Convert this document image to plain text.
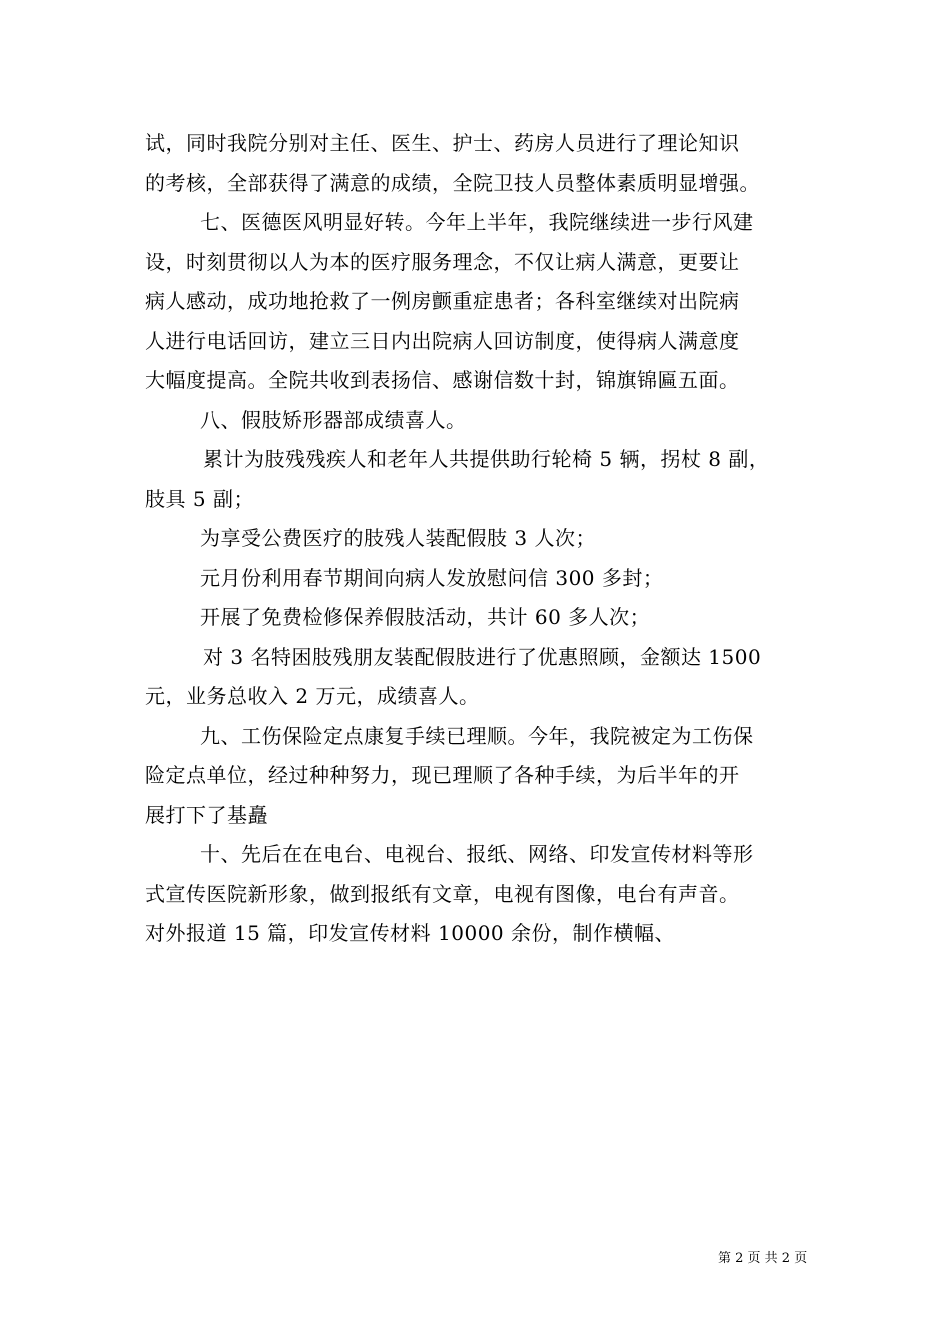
试，同时我院分别对主任、医生、护士、药房人员进行了理论知识
的考核，全部获得了满意的成绩，全院卫技人员整体素质明显增强。
七、医德医风明显好转。今年上半年，我院继续进一步行风建
设，时刻贯彻以人为本的医疗服务理念，不仅让病人满意，更要让
病人感动，成功地抢救了一例房颤重症患者；各科室继续对出院病
人进行电话回访，建立三日内出院病人回访制度，使得病人满意度
大幅度提高。全院共收到表扬信、感谢信数十封，锦旗锦匾五面。
八、假肢矫形器部成绩喜人。
累计为肢残残疾人和老年人共提供助行轮椅 5 辆，拐杖 8 副，
肢具 5 副；
为享受公费医疗的肢残人装配假肢 3 人次；
元月份利用春节期间向病人发放慰问信 300 多封；
开展了免费检修保养假肢活动，共计 60 多人次；
对 3 名特困肢残朋友装配假肢进行了优惠照顾，金额达 1500
元，业务总收入 2 万元，成绩喜人。
九、工伤保险定点康复手续已理顺。今年，我院被定为工伤保
险定点单位，经过种种努力，现已理顺了各种手续，为后半年的开
展打下了基矗
十、先后在在电台、电视台、报纸、网络、印发宣传材料等形
式宣传医院新形象，做到报纸有文章，电视有图像，电台有声音。
对外报道 15 篇，印发宣传材料 10000 余份，制作横幅、
第 2 页 共 2 页
